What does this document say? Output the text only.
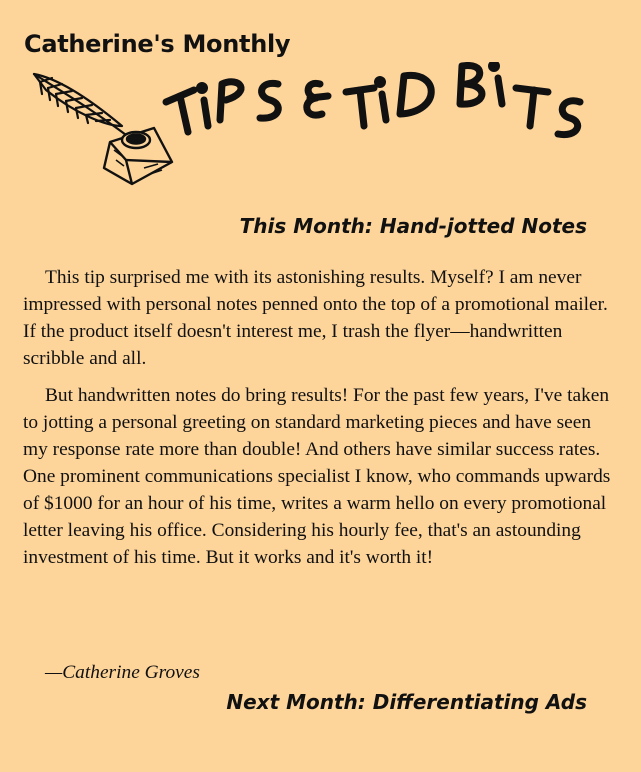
Catherine's Monthly
This Month: Hand-jotted Notes

This tip surprised me with its astonishing results. Myself? I am never impressed with personal notes penned onto the top of a promotional mailer. If the product itself doesn't interest me, I trash the flyer—handwritten scribble and all.

But handwritten notes do bring results! For the past few years, I've taken to jotting a personal greeting on standard marketing pieces and have seen my response rate more than double! And others have similar success rates. One prominent communications specialist I know, who commands upwards of $1000 for an hour of his time, writes a warm hello on every promotional letter leaving his office. Considering his hourly fee, that's an astounding investment of his time. But it works and it's worth it!

—Catherine Groves
Next Month: Differentiating Ads
